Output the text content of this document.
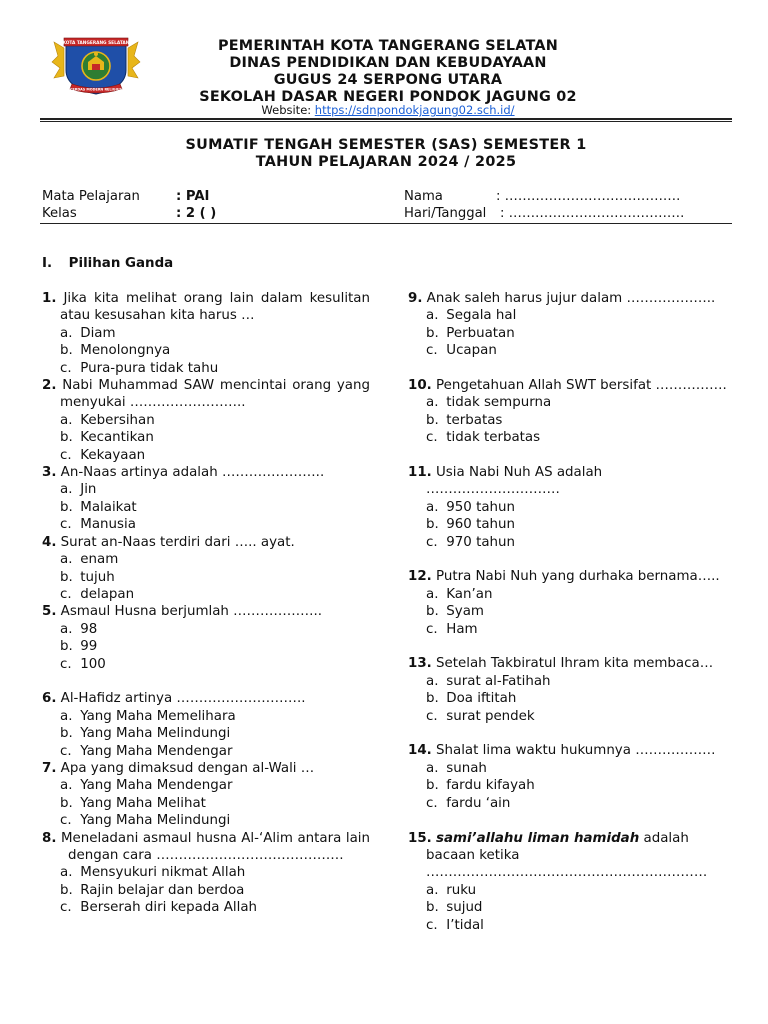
KOTA TANGERANG SELATAN
CERDAS MODERN RELIGIUS
PEMERINTAH KOTA TANGERANG SELATAN
DINAS PENDIDIKAN DAN KEBUDAYAAN
GUGUS 24 SERPONG UTARA
SEKOLAH DASAR NEGERI PONDOK JAGUNG 02
Website: https://sdnpondokjagung02.sch.id/
SUMATIF TENGAH SEMESTER (SAS) SEMESTER 1
TAHUN PELAJARAN 2024 / 2025
Mata Pelajaran	: PAI
Kelas	: 2 ( )
Nama	: ………………………………….
Hari/Tanggal : ………………………………….
I. Pilihan Ganda
1. Jika kita melihat orang lain dalam kesulitan atau kesusahan kita harus …
a. Diam
b. Menolongnya
c. Pura-pura tidak tahu
2. Nabi Muhammad SAW mencintai orang yang menyukai ……………………..
a. Kebersihan
b. Kecantikan
c. Kekayaan
3. An-Naas artinya adalah …………………..
a. Jin
b. Malaikat
c. Manusia
4. Surat an-Naas terdiri dari ….. ayat.
a. enam
b. tujuh
c. delapan
5. Asmaul Husna berjumlah ………………..
a. 98
b. 99
c. 100
6. Al-Hafidz artinya ………………………..
a. Yang Maha Memelihara
b. Yang Maha Melindungi
c. Yang Maha Mendengar
7. Apa yang dimaksud dengan al-Wali …
a. Yang Maha Mendengar
b. Yang Maha Melihat
c. Yang Maha Melindungi
8. Meneladani asmaul husna Al-‘Alim antara lain dengan cara ……………………………………
a. Mensyukuri nikmat Allah
b. Rajin belajar dan berdoa
c. Berserah diri kepada Allah
9. Anak saleh harus jujur dalam ………………..
a. Segala hal
b. Perbuatan
c. Ucapan
10. Pengetahuan Allah SWT bersifat …………….
a. tidak sempurna
b. terbatas
c. tidak terbatas
11. Usia Nabi Nuh AS adalah …………………………
a. 950 tahun
b. 960 tahun
c. 970 tahun
12. Putra Nabi Nuh yang durhaka bernama…..
a. Kan’an
b. Syam
c. Ham
13. Setelah Takbiratul Ihram kita membaca…
a. surat al-Fatihah
b. Doa iftitah
c. surat pendek
14. Shalat lima waktu hukumnya ………………
a. sunah
b. fardu kifayah
c. fardu ‘ain
15. sami’allahu liman hamidah adalah bacaan ketika ………………………………………………………
a. ruku
b. sujud
c. I’tidal
